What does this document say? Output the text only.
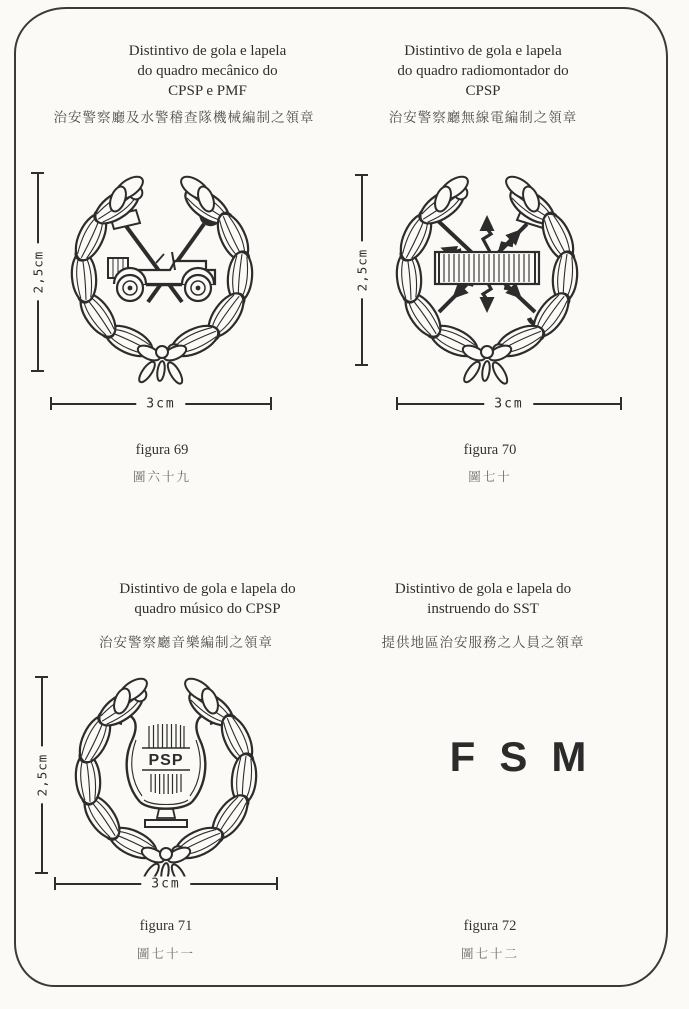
Distintivo de gola e lapela
do quadro mecânico do
CPSP e PMF
治安警察廳及水警稽查隊機械編制之領章
2,5cm
3cm
figura 69
圖六十九
Distintivo de gola e lapela
do quadro radiomontador do
CPSP
治安警察廳無線電編制之領章
2,5cm
3cm
figura 70
圖七十
Distintivo de gola e lapela do
quadro músico do CPSP
治安警察廳音樂編制之領章
PSP
2,5cm
3cm
figura 71
圖七十一
Distintivo de gola e lapela do
instruendo do SST
提供地區治安服務之人員之領章
FSM
figura 72
圖七十二
